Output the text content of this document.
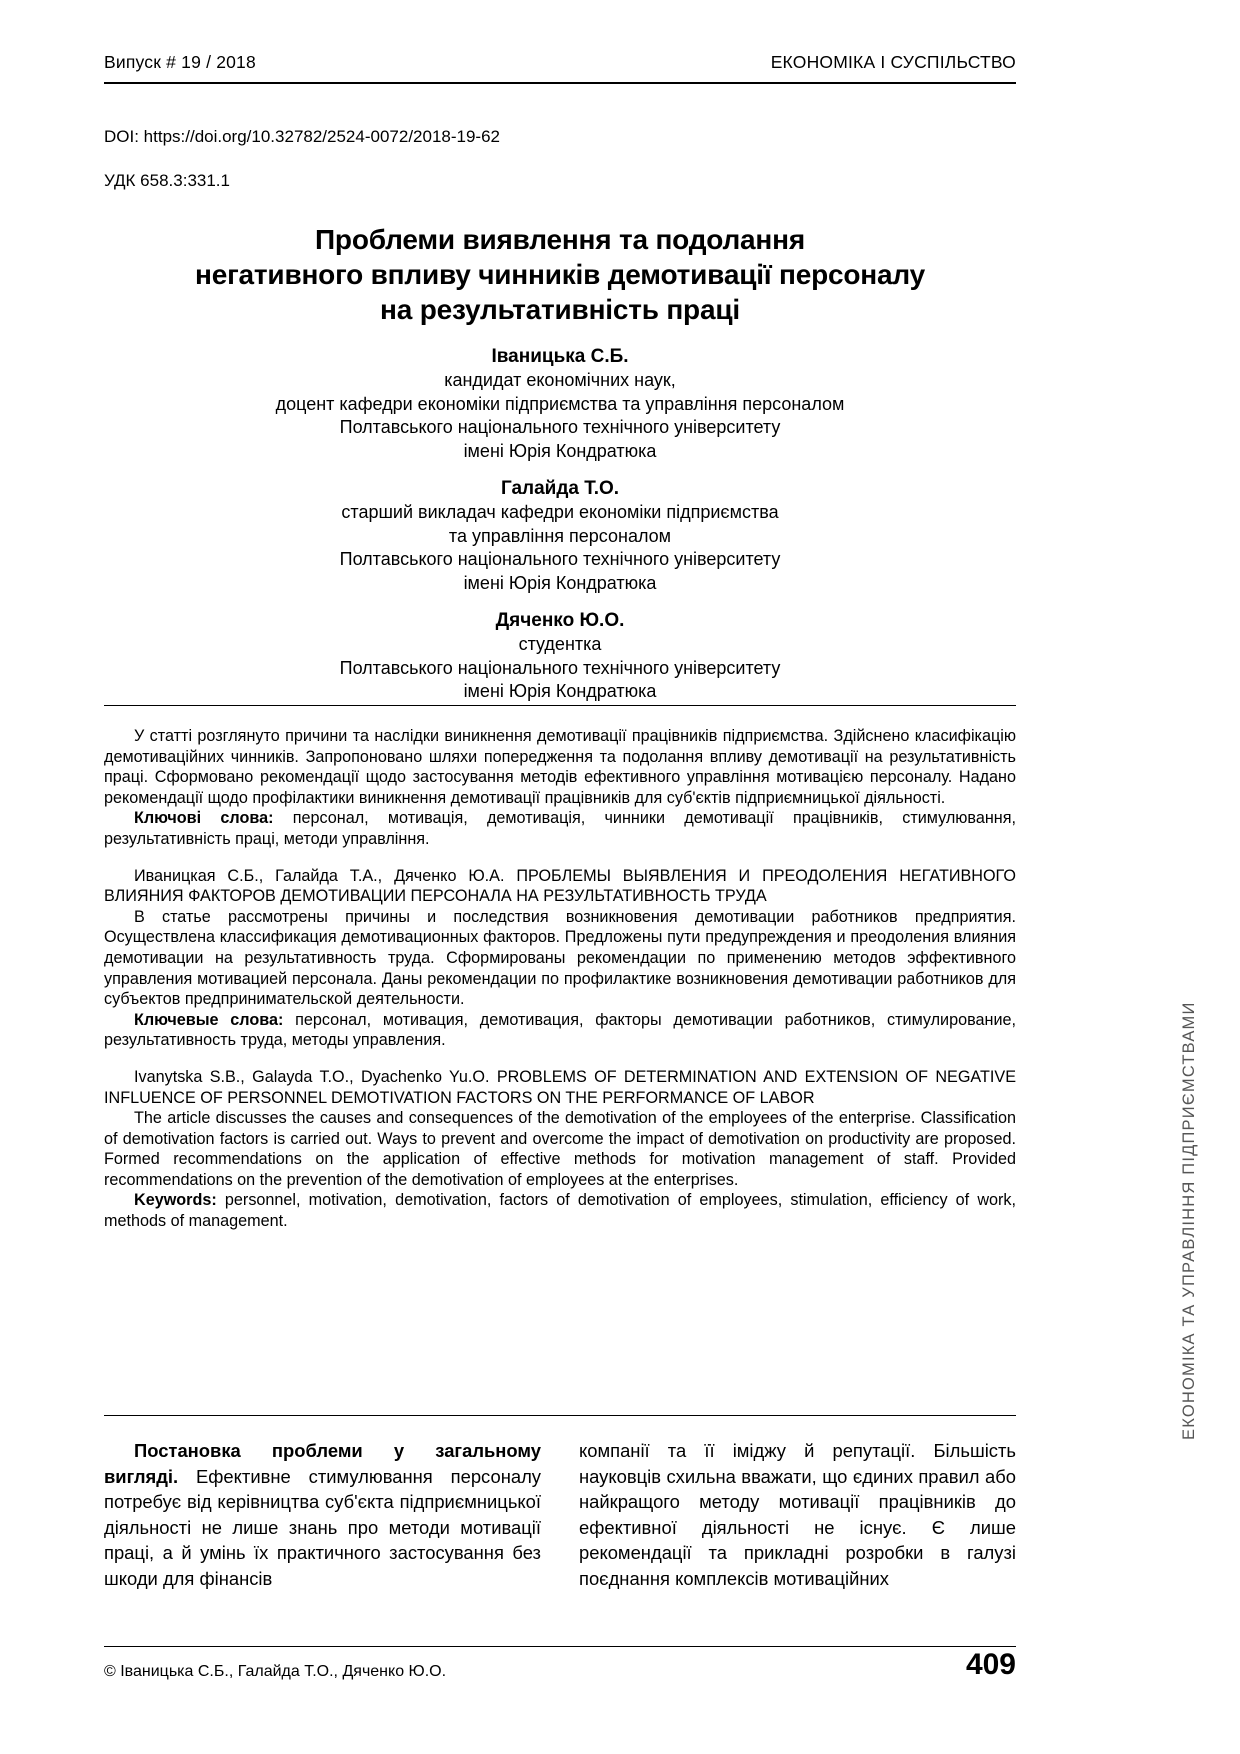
Випуск # 19 / 2018	ЕКОНОМІКА І СУСПІЛЬСТВО
DOI: https://doi.org/10.32782/2524-0072/2018-19-62
УДК 658.3:331.1
Проблеми виявлення та подолання
негативного впливу чинників демотивації персоналу
на результативність праці
Іваницька С.Б.
кандидат економічних наук,
доцент кафедри економіки підприємства та управління персоналом
Полтавського національного технічного університету
імені Юрія Кондратюка
Галайда Т.О.
старший викладач кафедри економіки підприємства
та управління персоналом
Полтавського національного технічного університету
імені Юрія Кондратюка
Дяченко Ю.О.
студентка
Полтавського національного технічного університету
імені Юрія Кондратюка

У статті розглянуто причини та наслідки виникнення демотивації працівників підприємства. Здійснено класифікацію демотиваційних чинників. Запропоновано шляхи попередження та подолання впливу демотивації на результативність праці. Сформовано рекомендації щодо застосування методів ефективного управління мотивацією персоналу. Надано рекомендації щодо профілактики виникнення демотивації працівників для суб'єктів підприємницької діяльності.

Ключові слова: персонал, мотивація, демотивація, чинники демотивації працівників, стимулювання, результативність праці, методи управління.

Иваницкая С.Б., Галайда Т.А., Дяченко Ю.А. ПРОБЛЕМЫ ВЫЯВЛЕНИЯ И ПРЕОДОЛЕНИЯ НЕГАТИВНОГО ВЛИЯНИЯ ФАКТОРОВ ДЕМОТИВАЦИИ ПЕРСОНАЛА НА РЕЗУЛЬТАТИВНОСТЬ ТРУДА

В статье рассмотрены причины и последствия возникновения демотивации работников предприятия. Осуществлена классификация демотивационных факторов. Предложены пути предупреждения и преодоления влияния демотивации на результативность труда. Сформированы рекомендации по применению методов эффективного управления мотивацией персонала. Даны рекомендации по профилактике возникновения демотивации работников для субъектов предпринимательской деятельности.

Ключевые слова: персонал, мотивация, демотивация, факторы демотивации работников, стимулирование, результативность труда, методы управления.

Ivanytska S.B., Galayda T.O., Dyachenko Yu.O. PROBLEMS OF DETERMINATION AND EXTENSION OF NEGATIVE INFLUENCE OF PERSONNEL DEMOTIVATION FACTORS ON THE PERFORMANCE OF LABOR

The article discusses the causes and consequences of the demotivation of the employees of the enterprise. Classification of demotivation factors is carried out. Ways to prevent and overcome the impact of demotivation on productivity are proposed. Formed recommendations on the application of effective methods for motivation management of staff. Provided recommendations on the prevention of the demotivation of employees at the enterprises.

Keywords: personnel, motivation, demotivation, factors of demotivation of employees, stimulation, efficiency of work, methods of management.

Постановка проблеми у загальному вигляді. Ефективне стимулювання персоналу потребує від керівництва суб'єкта підприємницької діяльності не лише знань про методи мотивації праці, а й умінь їх практичного застосування без шкоди для фінансів

компанії та її іміджу й репутації. Більшість науковців схильна вважати, що єдиних правил або найкращого методу мотивації працівників до ефективної діяльності не існує. Є лише рекомендації та прикладні розробки в галузі поєднання комплексів мотиваційних

ЕКОНОМІКА ТА УПРАВЛІННЯ ПІДПРИЄМСТВАМИ
© Іваницька С.Б., Галайда Т.О., Дяченко Ю.О.	409
